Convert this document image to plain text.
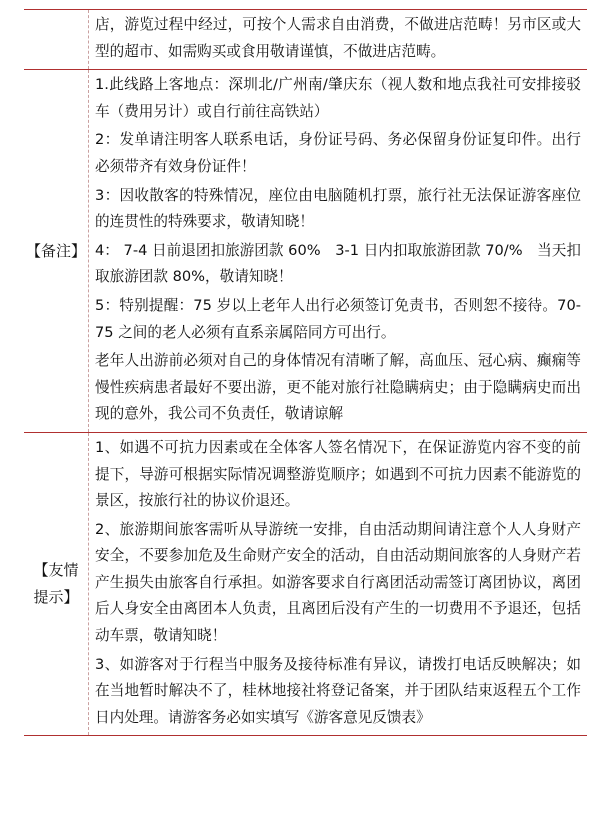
店，游览过程中经过，可按个人需求自由消费，不做进店范畴！另市区或大型的超市、如需购买或食用敬请谨慎，不做进店范畴。

【备注】

1.此线路上客地点：深圳北/广州南/肇庆东（视人数和地点我社可安排接驳车（费用另计）或自行前往高铁站）

2：发单请注明客人联系电话，身份证号码、务必保留身份证复印件。出行必须带齐有效身份证件！

3：因收散客的特殊情况，座位由电脑随机打票，旅行社无法保证游客座位的连贯性的特殊要求，敬请知晓！

4： 7-4 日前退团扣旅游团款 60%　3-1 日内扣取旅游团款 70/%　当天扣取旅游团款 80%，敬请知晓！

5：特别提醒：75 岁以上老年人出行必须签订免责书，否则恕不接待。70-75 之间的老人必须有直系亲属陪同方可出行。

老年人出游前必须对自己的身体情况有清晰了解，高血压、冠心病、癫痫等慢性疾病患者最好不要出游，更不能对旅行社隐瞒病史；由于隐瞒病史而出现的意外，我公司不负责任，敬请谅解

【友情
提示】

1、如遇不可抗力因素或在全体客人签名情况下，在保证游览内容不变的前提下，导游可根据实际情况调整游览顺序；如遇到不可抗力因素不能游览的景区，按旅行社的协议价退还。

2、旅游期间旅客需听从导游统一安排，自由活动期间请注意个人人身财产安全，不要参加危及生命财产安全的活动，自由活动期间旅客的人身财产若产生损失由旅客自行承担。如游客要求自行离团活动需签订离团协议，离团后人身安全由离团本人负责，且离团后没有产生的一切费用不予退还，包括动车票，敬请知晓！

3、如游客对于行程当中服务及接待标准有异议，请拨打电话反映解决；如在当地暂时解决不了，桂林地接社将登记备案，并于团队结束返程五个工作日内处理。请游客务必如实填写《游客意见反馈表》
